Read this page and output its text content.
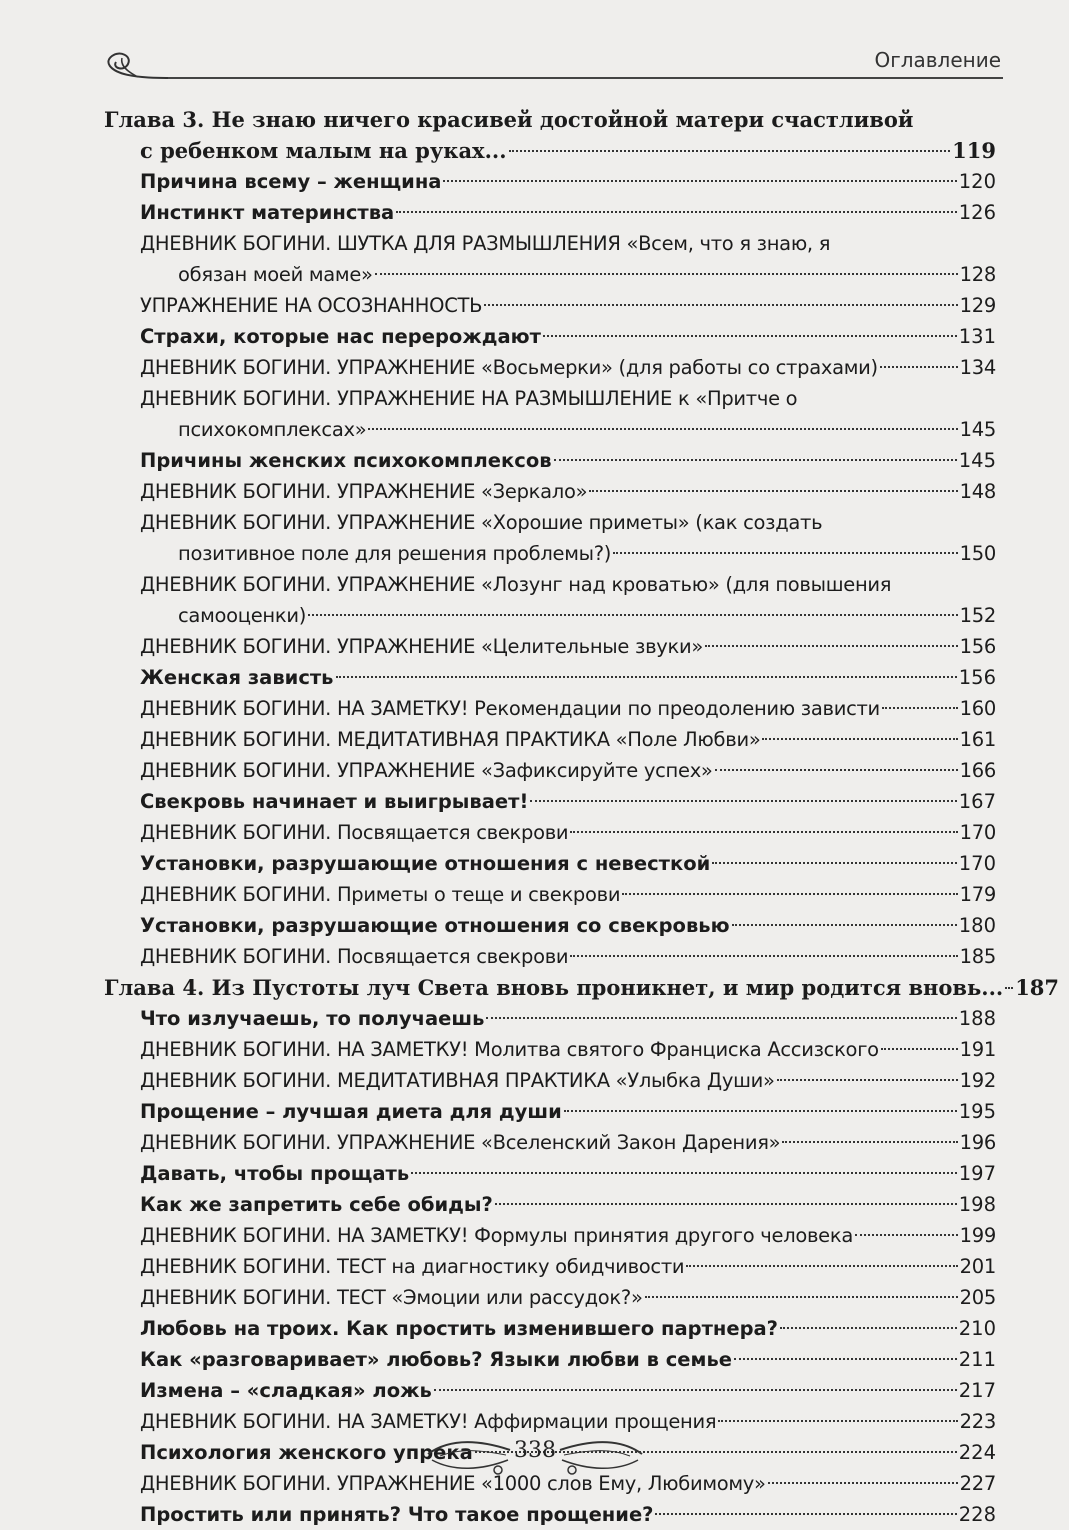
Оглавление
Глава 3. Не знаю ничего красивей достойной матери счастливой
с ребенком малым на руках...	119
Причина всему – женщина	120
Инстинкт материнства	126
ДНЕВНИК БОГИНИ. ШУТКА ДЛЯ РАЗМЫШЛЕНИЯ «Всем, что я знаю, я
обязан моей маме»	128
УПРАЖНЕНИЕ НА ОСОЗНАННОСТЬ	129
Страхи, которые нас перерождают	131
ДНЕВНИК БОГИНИ. УПРАЖНЕНИЕ «Восьмерки» (для работы со страхами)	134
ДНЕВНИК БОГИНИ. УПРАЖНЕНИЕ НА РАЗМЫШЛЕНИЕ к «Притче о
психокомплексах»	145
Причины женских психокомплексов	145
ДНЕВНИК БОГИНИ. УПРАЖНЕНИЕ «Зеркало»	148
ДНЕВНИК БОГИНИ. УПРАЖНЕНИЕ «Хорошие приметы» (как создать
позитивное поле для решения проблемы?)	150
ДНЕВНИК БОГИНИ. УПРАЖНЕНИЕ «Лозунг над кроватью» (для повышения
самооценки)	152
ДНЕВНИК БОГИНИ. УПРАЖНЕНИЕ «Целительные звуки»	156
Женская зависть	156
ДНЕВНИК БОГИНИ. НА ЗАМЕТКУ! Рекомендации по преодолению зависти	160
ДНЕВНИК БОГИНИ. МЕДИТАТИВНАЯ ПРАКТИКА «Поле Любви»	161
ДНЕВНИК БОГИНИ. УПРАЖНЕНИЕ «Зафиксируйте успех»	166
Свекровь начинает и выигрывает!	167
ДНЕВНИК БОГИНИ. Посвящается свекрови	170
Установки, разрушающие отношения с невесткой	170
ДНЕВНИК БОГИНИ. Приметы о теще и свекрови	179
Установки, разрушающие отношения со свекровью	180
ДНЕВНИК БОГИНИ. Посвящается свекрови	185
Глава 4. Из Пустоты луч Света вновь проникнет, и мир родится вновь... 187
Что излучаешь, то получаешь	188
ДНЕВНИК БОГИНИ. НА ЗАМЕТКУ! Молитва святого Франциска Ассизского	191
ДНЕВНИК БОГИНИ. МЕДИТАТИВНАЯ ПРАКТИКА «Улыбка Души»	192
Прощение – лучшая диета для души	195
ДНЕВНИК БОГИНИ. УПРАЖНЕНИЕ «Вселенский Закон Дарения»	196
Давать, чтобы прощать	197
Как же запретить себе обиды?	198
ДНЕВНИК БОГИНИ. НА ЗАМЕТКУ! Формулы принятия другого человека	199
ДНЕВНИК БОГИНИ. ТЕСТ на диагностику обидчивости	201
ДНЕВНИК БОГИНИ. ТЕСТ «Эмоции или рассудок?»	205
Любовь на троих. Как простить изменившего партнера?	210
Как «разговаривает» любовь? Языки любви в семье	211
Измена – «сладкая» ложь	217
ДНЕВНИК БОГИНИ. НА ЗАМЕТКУ! Аффирмации прощения	223
Психология женского упрека	224
ДНЕВНИК БОГИНИ. УПРАЖНЕНИЕ «1000 слов Ему, Любимому»	227
Простить или принять? Что такое прощение?	228
338
